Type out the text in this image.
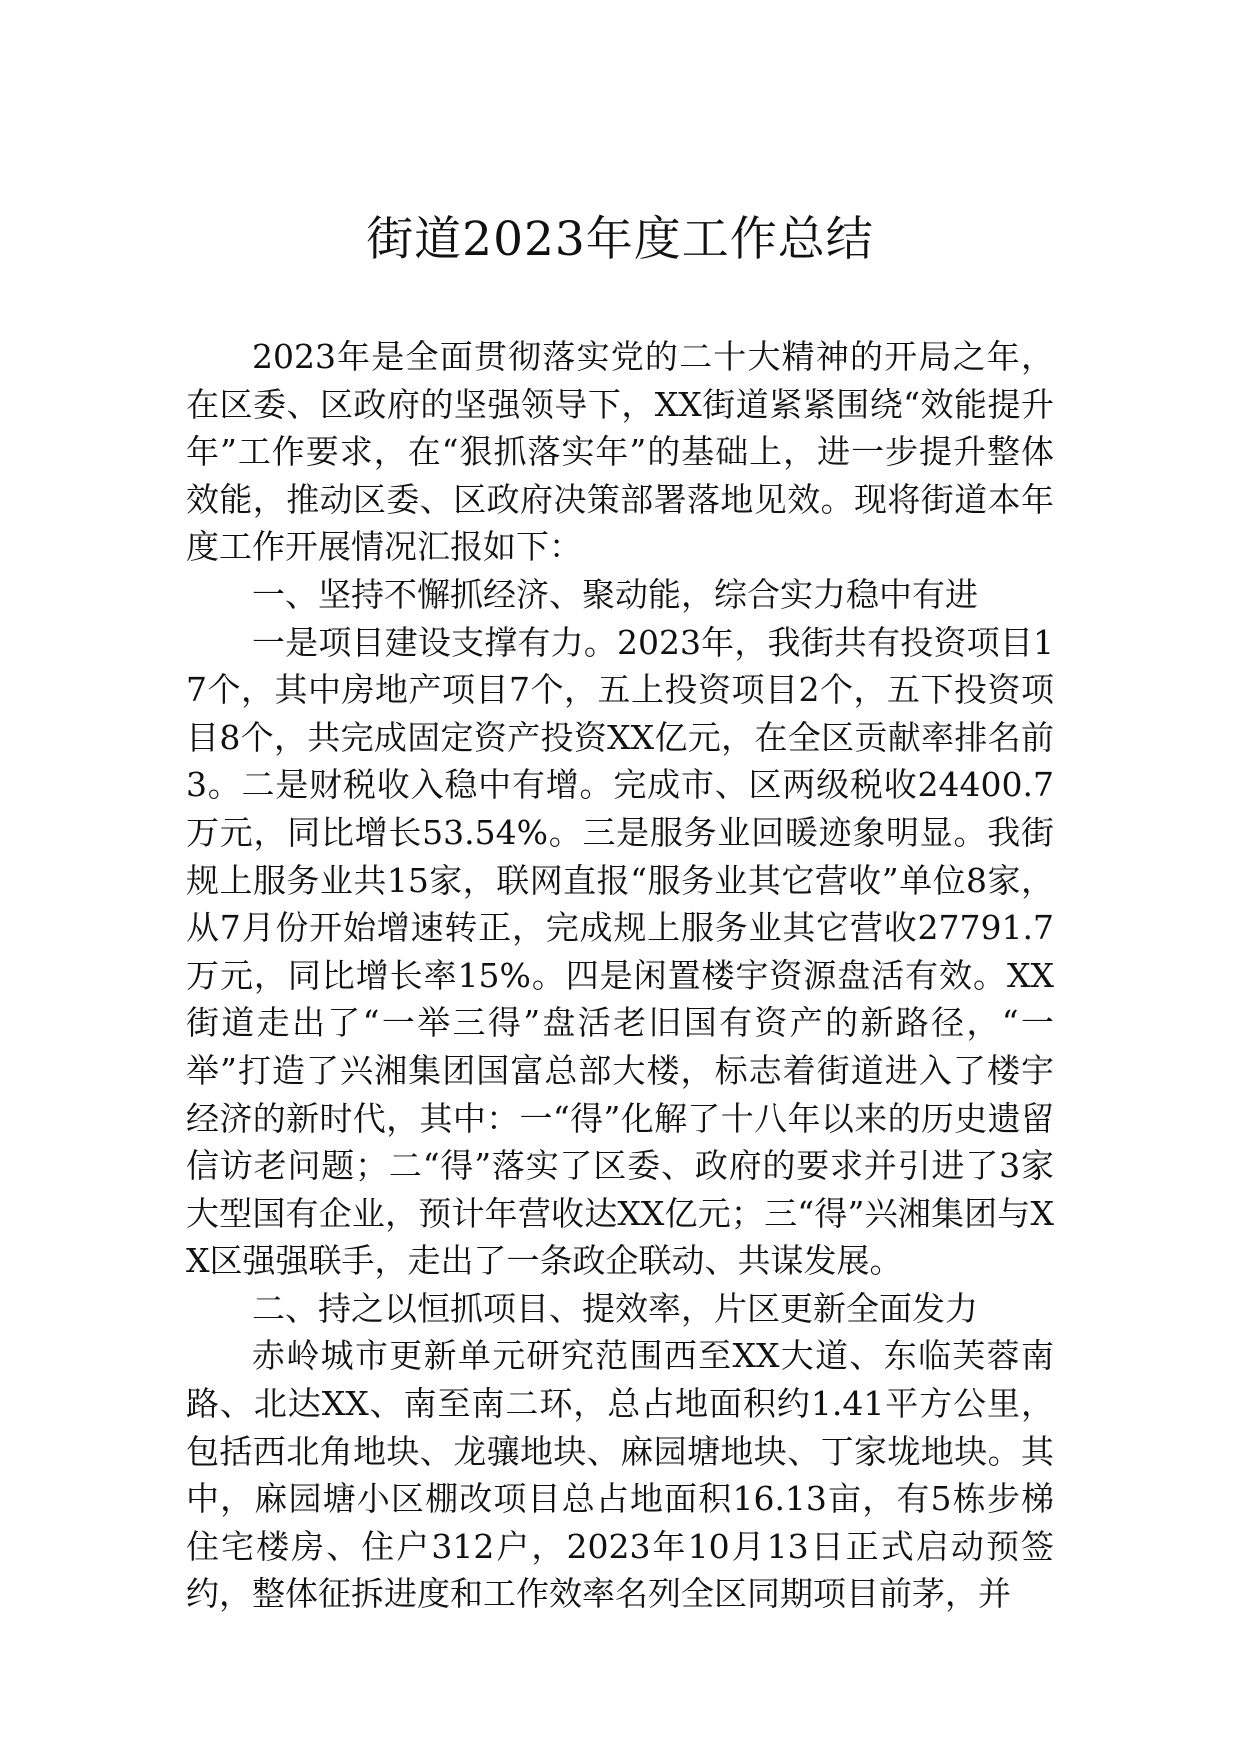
街道2023年度工作总结

2023年是全面贯彻落实党的二十大精神的开局之年，在区委、区政府的坚强领导下，XX街道紧紧围绕“效能提升年”工作要求，在“狠抓落实年”的基础上，进一步提升整体效能，推动区委、区政府决策部署落地见效。现将街道本年度工作开展情况汇报如下：

一、坚持不懈抓经济、聚动能，综合实力稳中有进

一是项目建设支撑有力。2023年，我街共有投资项目17个，其中房地产项目7个，五上投资项目2个，五下投资项目8个，共完成固定资产投资XX亿元，在全区贡献率排名前3。二是财税收入稳中有增。完成市、区两级税收24400.7万元，同比增长53.54%。三是服务业回暖迹象明显。我街规上服务业共15家，联网直报“服务业其它营收”单位8家，从7月份开始增速转正，完成规上服务业其它营收27791.7万元，同比增长率15%。四是闲置楼宇资源盘活有效。XX街道走出了“一举三得”盘活老旧国有资产的新路径，“一举”打造了兴湘集团国富总部大楼，标志着街道进入了楼宇经济的新时代，其中：一“得”化解了十八年以来的历史遗留信访老问题；二“得”落实了区委、政府的要求并引进了3家大型国有企业，预计年营收达XX亿元；三“得”兴湘集团与XX区强强联手，走出了一条政企联动、共谋发展。

二、持之以恒抓项目、提效率，片区更新全面发力

赤岭城市更新单元研究范围西至XX大道、东临芙蓉南路、北达XX、南至南二环，总占地面积约1.41平方公里，包括西北角地块、龙骧地块、麻园塘地块、丁家垅地块。其中，麻园塘小区棚改项目总占地面积16.13亩，有5栋步梯住宅楼房、住户312户，2023年10月13日正式启动预签约，整体征拆进度和工作效率名列全区同期项目前茅，并
